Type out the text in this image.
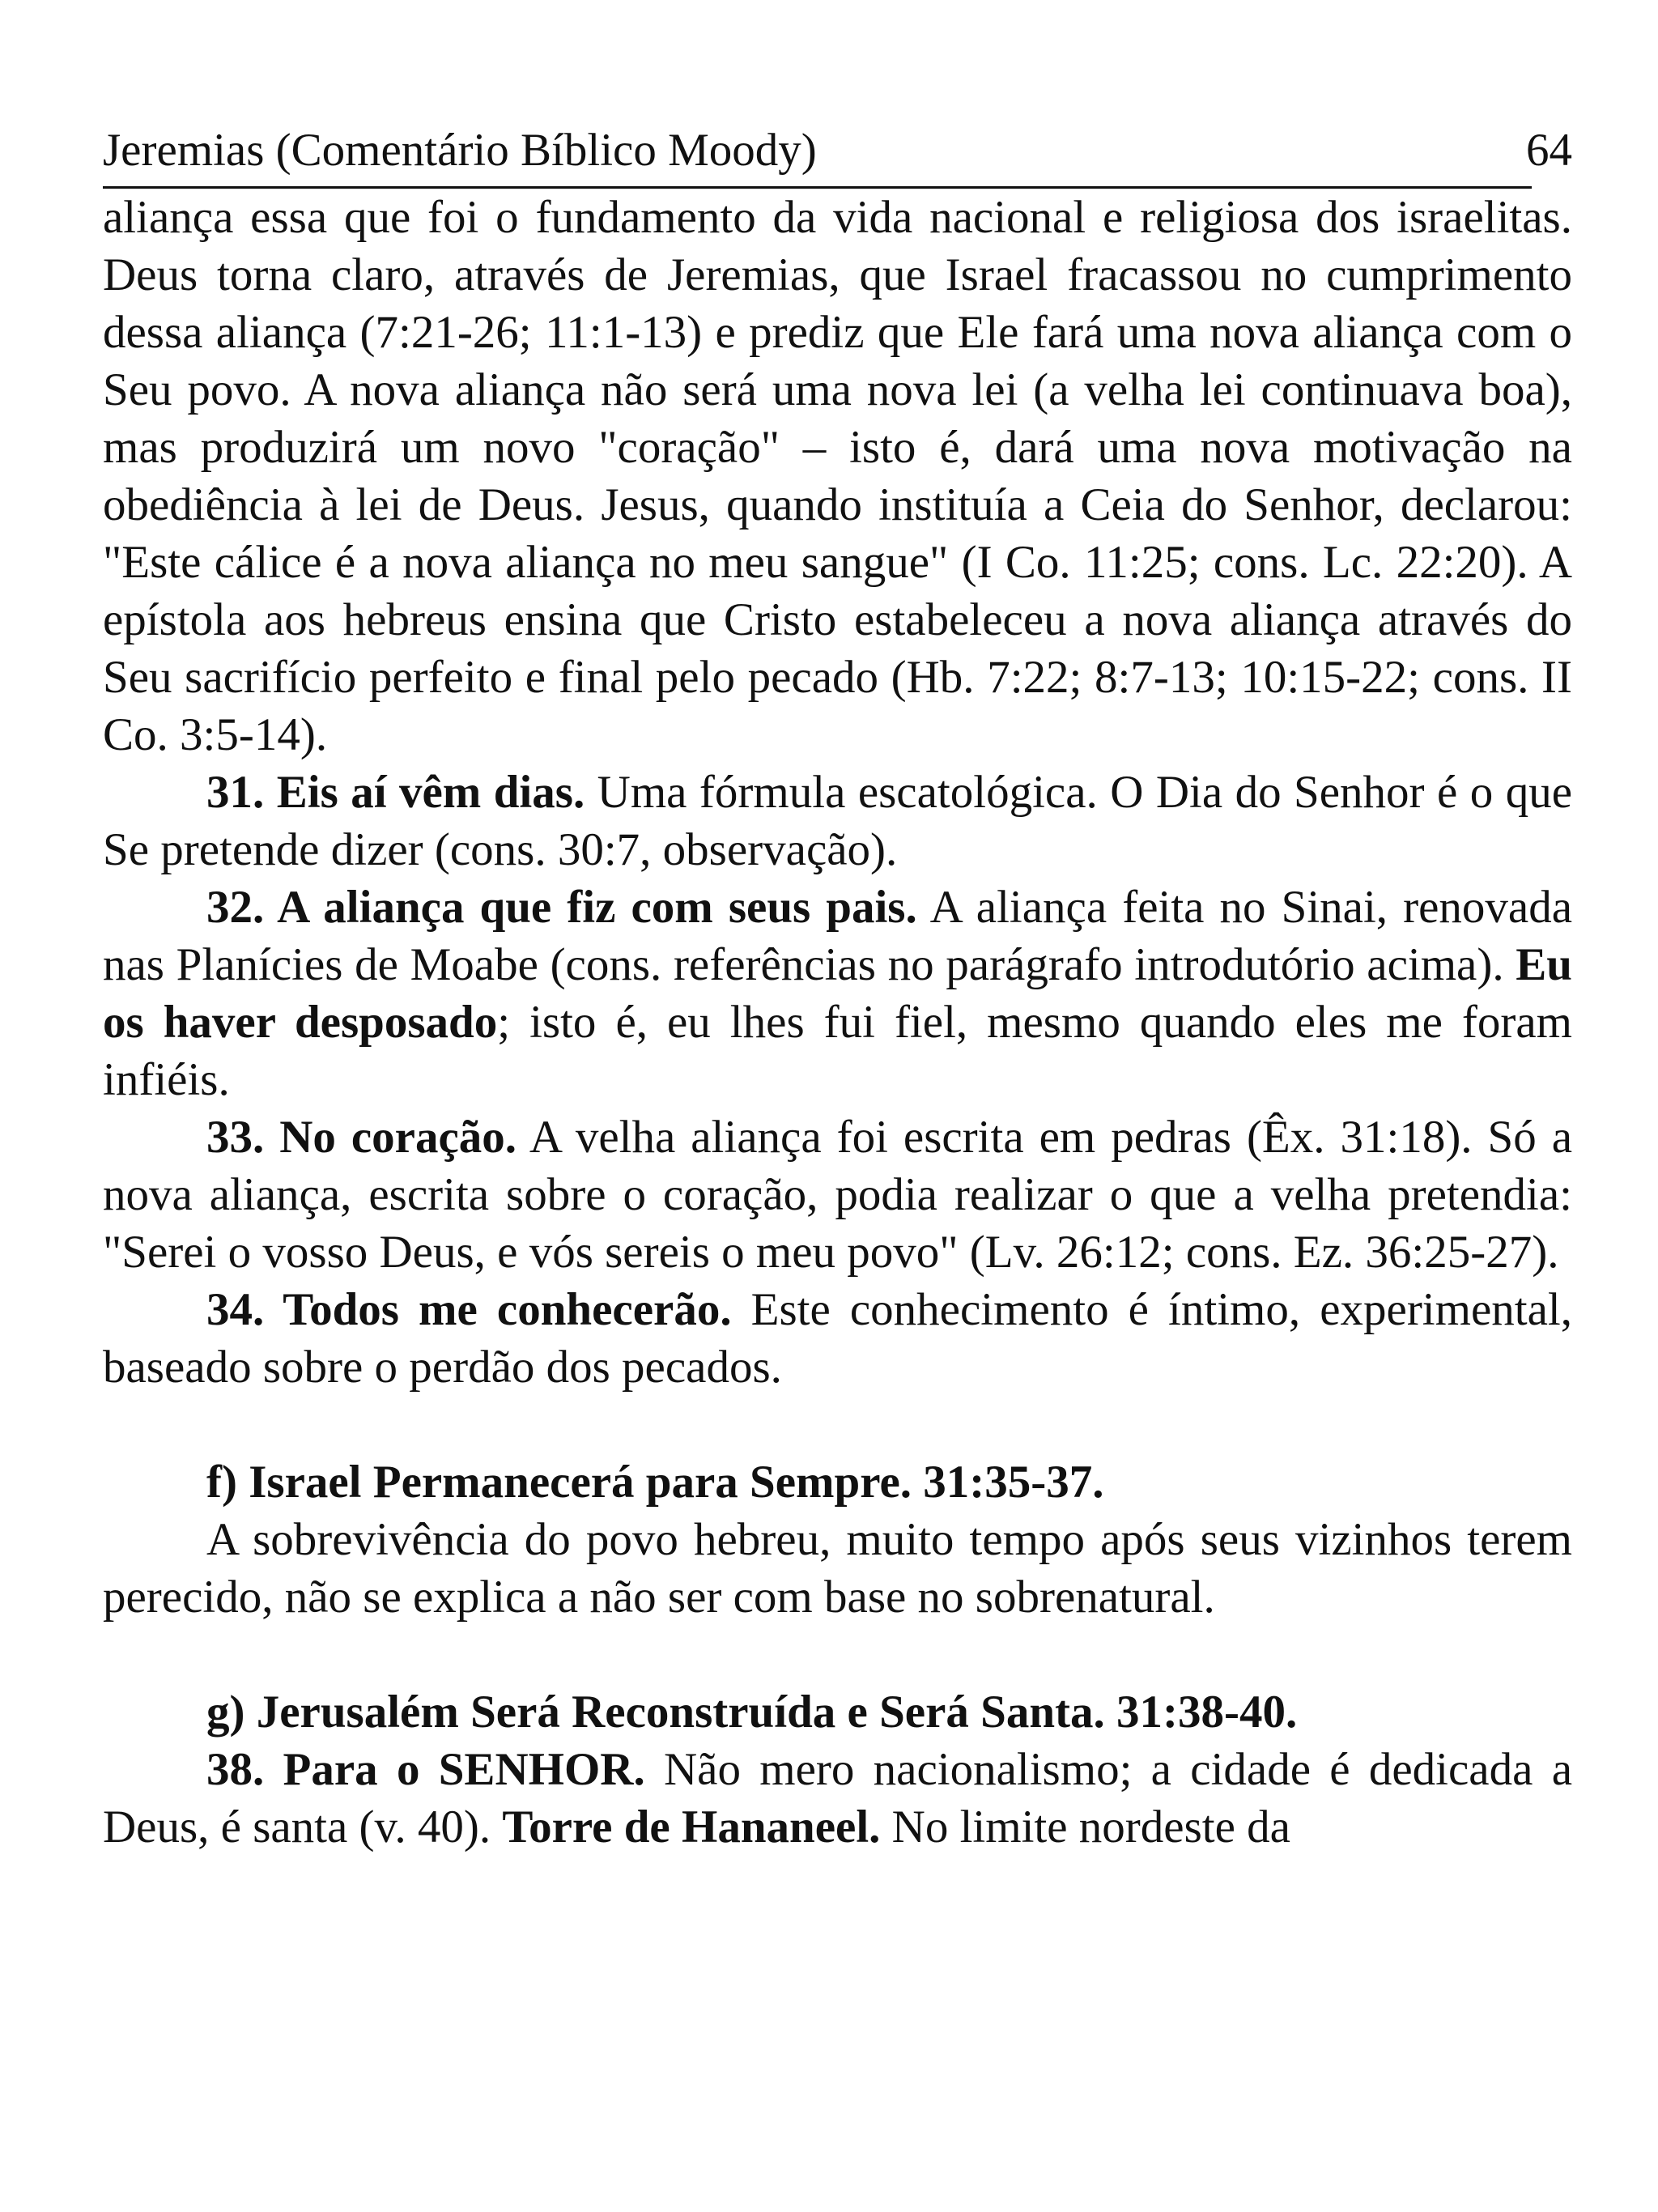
Jeremias (Comentário Bíblico Moody)	64

aliança essa que foi o fundamento da vida nacional e religiosa dos israelitas. Deus torna claro, através de Jeremias, que Israel fracassou no cumprimento dessa aliança (7:21-26; 11:1-13) e prediz que Ele fará uma nova aliança com o Seu povo. A nova aliança não será uma nova lei (a velha lei continuava boa), mas produzirá um novo "coração" – isto é, dará uma nova motivação na obediência à lei de Deus. Jesus, quando instituía a Ceia do Senhor, declarou: "Este cálice é a nova aliança no meu sangue" (I Co. 11:25; cons. Lc. 22:20). A epístola aos hebreus ensina que Cristo estabeleceu a nova aliança através do Seu sacrifício perfeito e final pelo pecado (Hb. 7:22; 8:7-13; 10:15-22; cons. II Co. 3:5-14).

31. Eis aí vêm dias. Uma fórmula escatológica. O Dia do Senhor é o que Se pretende dizer (cons. 30:7, observação).

32. A aliança que fiz com seus pais. A aliança feita no Sinai, renovada nas Planícies de Moabe (cons. referências no parágrafo introdutório acima). Eu os haver desposado; isto é, eu lhes fui fiel, mesmo quando eles me foram infiéis.

33. No coração. A velha aliança foi escrita em pedras (Êx. 31:18). Só a nova aliança, escrita sobre o coração, podia realizar o que a velha pretendia: "Serei o vosso Deus, e vós sereis o meu povo" (Lv. 26:12; cons. Ez. 36:25-27).

34. Todos me conhecerão. Este conhecimento é íntimo, experimental, baseado sobre o perdão dos pecados.

f) Israel Permanecerá para Sempre. 31:35-37.

A sobrevivência do povo hebreu, muito tempo após seus vizinhos terem perecido, não se explica a não ser com base no sobrenatural.

g) Jerusalém Será Reconstruída e Será Santa. 31:38-40.

38. Para o SENHOR. Não mero nacionalismo; a cidade é dedicada a Deus, é santa (v. 40). Torre de Hananeel. No limite nordeste da
